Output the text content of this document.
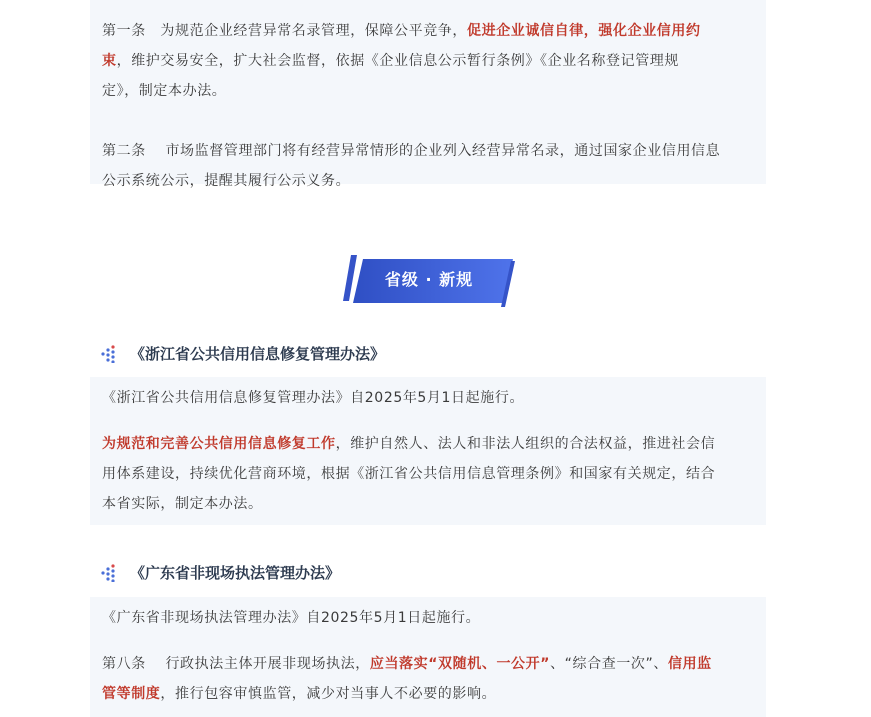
第一条　为规范企业经营异常名录管理，保障公平竞争，促进企业诚信自律，强化企业信用约
束，维护交易安全，扩大社会监督，依据《企业信息公示暂行条例》《企业名称登记管理规
定》，制定本办法。

第二条　 市场监督管理部门将有经营异常情形的企业列入经营异常名录，通过国家企业信用信息
公示系统公示，提醒其履行公示义务。

省级 · 新规
《浙江省公共信用信息修复管理办法》

《浙江省公共信用信息修复管理办法》自2025年5月1日起施行。

为规范和完善公共信用信息修复工作，维护自然人、法人和非法人组织的合法权益，推进社会信
用体系建设，持续优化营商环境，根据《浙江省公共信用信息管理条例》和国家有关规定，结合
本省实际，制定本办法。

《广东省非现场执法管理办法》

《广东省非现场执法管理办法》自2025年5月1日起施行。

第八条　 行政执法主体开展非现场执法，应当落实“双随机、一公开”、“综合查一次”、信用监
管等制度，推行包容审慎监管，减少对当事人不必要的影响。
